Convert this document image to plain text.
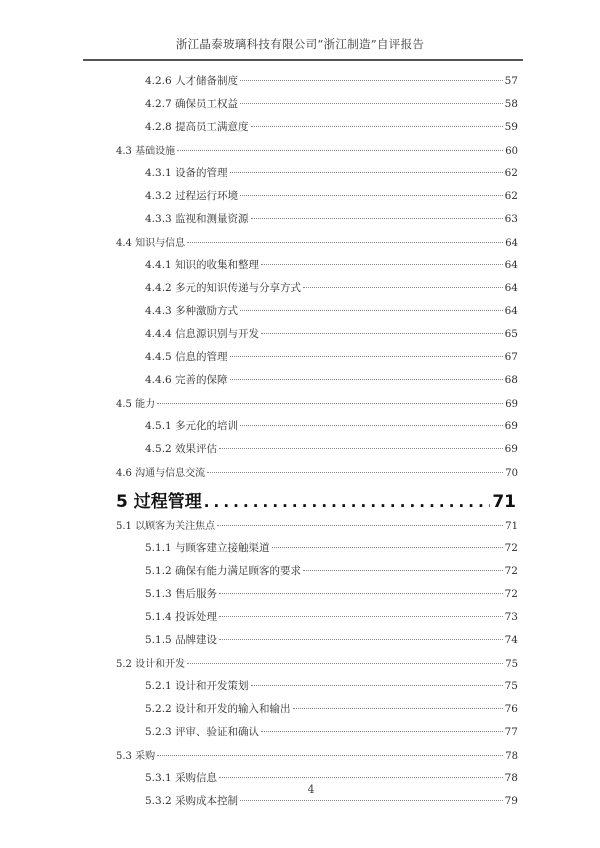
浙江晶泰玻璃科技有限公司“浙江制造”自评报告
4.2.6 人才储备制度	57
4.2.7 确保员工权益	58
4.2.8 提高员工满意度	59
4.3 基础设施	60
4.3.1 设备的管理	62
4.3.2 过程运行环境	62
4.3.3 监视和测量资源	63
4.4 知识与信息	64
4.4.1 知识的收集和整理	64
4.4.2 多元的知识传递与分享方式	64
4.4.3 多种激励方式	64
4.4.4 信息源识别与开发	65
4.4.5 信息的管理	67
4.4.6 完善的保障	68
4.5 能力	69
4.5.1 多元化的培训	69
4.5.2 效果评估	69
4.6 沟通与信息交流	70
5 过程管理 .....	71
5.1 以顾客为关注焦点	71
5.1.1 与顾客建立接触渠道	72
5.1.2 确保有能力满足顾客的要求	72
5.1.3 售后服务	72
5.1.4 投诉处理	73
5.1.5 品牌建设	74
5.2 设计和开发	75
5.2.1 设计和开发策划	75
5.2.2 设计和开发的输入和输出	76
5.2.3 评审、验证和确认	77
5.3 采购	78
5.3.1 采购信息	78
5.3.2 采购成本控制	79
4
